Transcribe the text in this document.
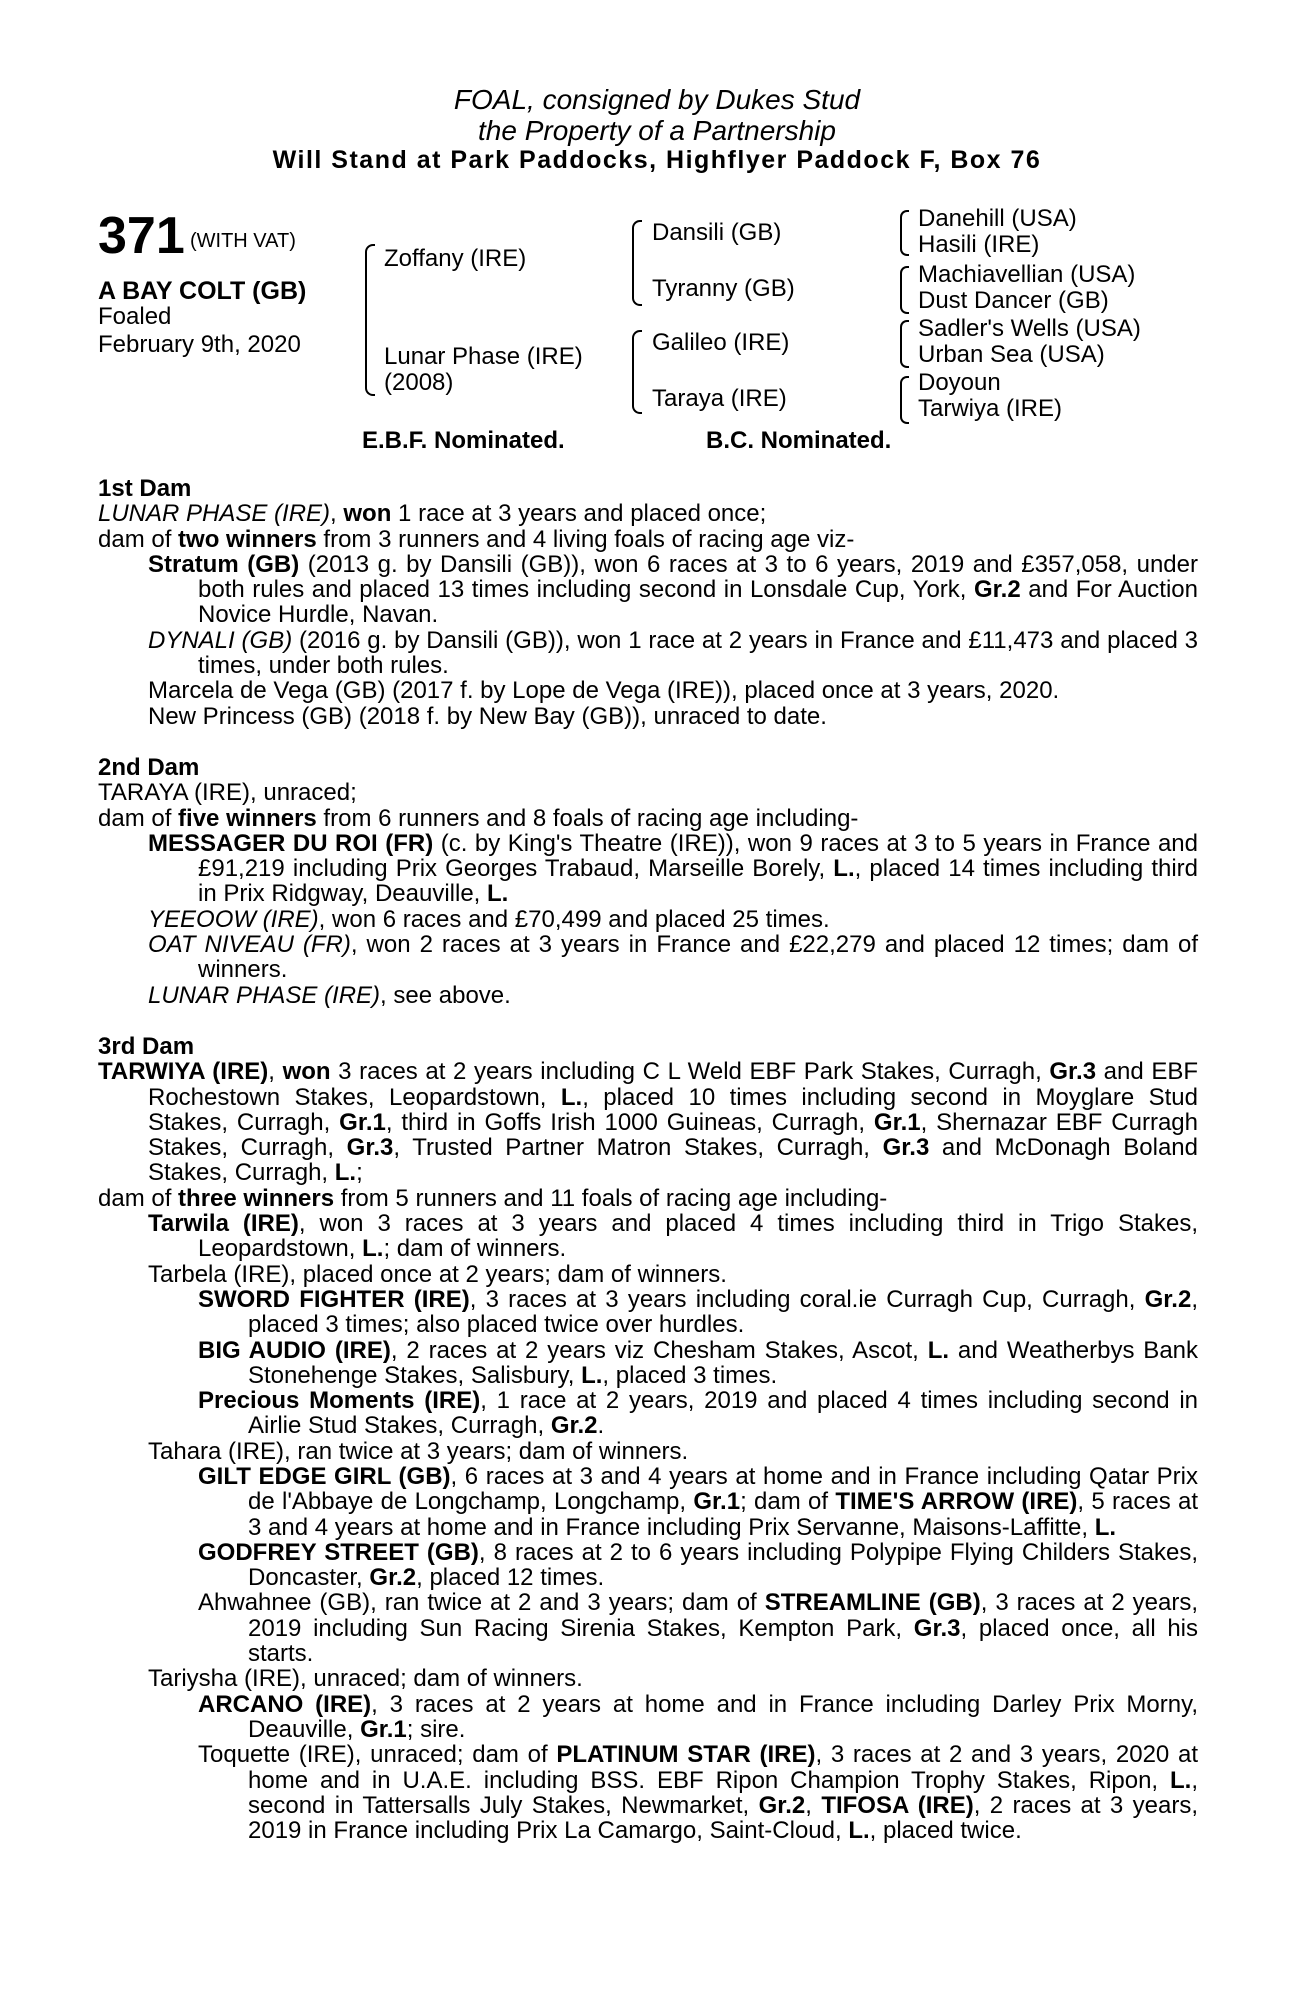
FOAL, consigned by Dukes Stud
the Property of a Partnership
Will Stand at Park Paddocks, Highflyer Paddock F, Box 76
371 (WITH VAT)
A BAY COLT (GB)
Foaled
February 9th, 2020
Zoffany (IRE)
Lunar Phase (IRE)
(2008)
Dansili (GB)
Tyranny (GB)
Galileo (IRE)
Taraya (IRE)
Danehill (USA)
Hasili (IRE)
Machiavellian (USA)
Dust Dancer (GB)
Sadler's Wells (USA)
Urban Sea (USA)
Doyoun
Tarwiya (IRE)
E.B.F. Nominated.	B.C. Nominated.

1st Dam

LUNAR PHASE (IRE), won 1 race at 3 years and placed once;

dam of two winners from 3 runners and 4 living foals of racing age viz-

Stratum (GB) (2013 g. by Dansili (GB)), won 6 races at 3 to 6 years, 2019 and £357,058, under both rules and placed 13 times including second in Lonsdale Cup, York, Gr.2 and For Auction Novice Hurdle, Navan.

DYNALI (GB) (2016 g. by Dansili (GB)), won 1 race at 2 years in France and £11,473 and placed 3 times, under both rules.

Marcela de Vega (GB) (2017 f. by Lope de Vega (IRE)), placed once at 3 years, 2020.

New Princess (GB) (2018 f. by New Bay (GB)), unraced to date.

2nd Dam

TARAYA (IRE), unraced;

dam of five winners from 6 runners and 8 foals of racing age including-

MESSAGER DU ROI (FR) (c. by King's Theatre (IRE)), won 9 races at 3 to 5 years in France and £91,219 including Prix Georges Trabaud, Marseille Borely, L., placed 14 times including third in Prix Ridgway, Deauville, L.

YEEOOW (IRE), won 6 races and £70,499 and placed 25 times.

OAT NIVEAU (FR), won 2 races at 3 years in France and £22,279 and placed 12 times; dam of winners.

LUNAR PHASE (IRE), see above.

3rd Dam

TARWIYA (IRE), won 3 races at 2 years including C L Weld EBF Park Stakes, Curragh, Gr.3 and EBF Rochestown Stakes, Leopardstown, L., placed 10 times including second in Moyglare Stud Stakes, Curragh, Gr.1, third in Goffs Irish 1000 Guineas, Curragh, Gr.1, Shernazar EBF Curragh Stakes, Curragh, Gr.3, Trusted Partner Matron Stakes, Curragh, Gr.3 and McDonagh Boland Stakes, Curragh, L.;

dam of three winners from 5 runners and 11 foals of racing age including-

Tarwila (IRE), won 3 races at 3 years and placed 4 times including third in Trigo Stakes, Leopardstown, L.; dam of winners.

Tarbela (IRE), placed once at 2 years; dam of winners.

SWORD FIGHTER (IRE), 3 races at 3 years including coral.ie Curragh Cup, Curragh, Gr.2, placed 3 times; also placed twice over hurdles.

BIG AUDIO (IRE), 2 races at 2 years viz Chesham Stakes, Ascot, L. and Weatherbys Bank Stonehenge Stakes, Salisbury, L., placed 3 times.

Precious Moments (IRE), 1 race at 2 years, 2019 and placed 4 times including second in Airlie Stud Stakes, Curragh, Gr.2.

Tahara (IRE), ran twice at 3 years; dam of winners.

GILT EDGE GIRL (GB), 6 races at 3 and 4 years at home and in France including Qatar Prix de l'Abbaye de Longchamp, Longchamp, Gr.1; dam of TIME'S ARROW (IRE), 5 races at 3 and 4 years at home and in France including Prix Servanne, Maisons-Laffitte, L.

GODFREY STREET (GB), 8 races at 2 to 6 years including Polypipe Flying Childers Stakes, Doncaster, Gr.2, placed 12 times.

Ahwahnee (GB), ran twice at 2 and 3 years; dam of STREAMLINE (GB), 3 races at 2 years, 2019 including Sun Racing Sirenia Stakes, Kempton Park, Gr.3, placed once, all his starts.

Tariysha (IRE), unraced; dam of winners.

ARCANO (IRE), 3 races at 2 years at home and in France including Darley Prix Morny, Deauville, Gr.1; sire.

Toquette (IRE), unraced; dam of PLATINUM STAR (IRE), 3 races at 2 and 3 years, 2020 at home and in U.A.E. including BSS. EBF Ripon Champion Trophy Stakes, Ripon, L., second in Tattersalls July Stakes, Newmarket, Gr.2, TIFOSA (IRE), 2 races at 3 years, 2019 in France including Prix La Camargo, Saint-Cloud, L., placed twice.
